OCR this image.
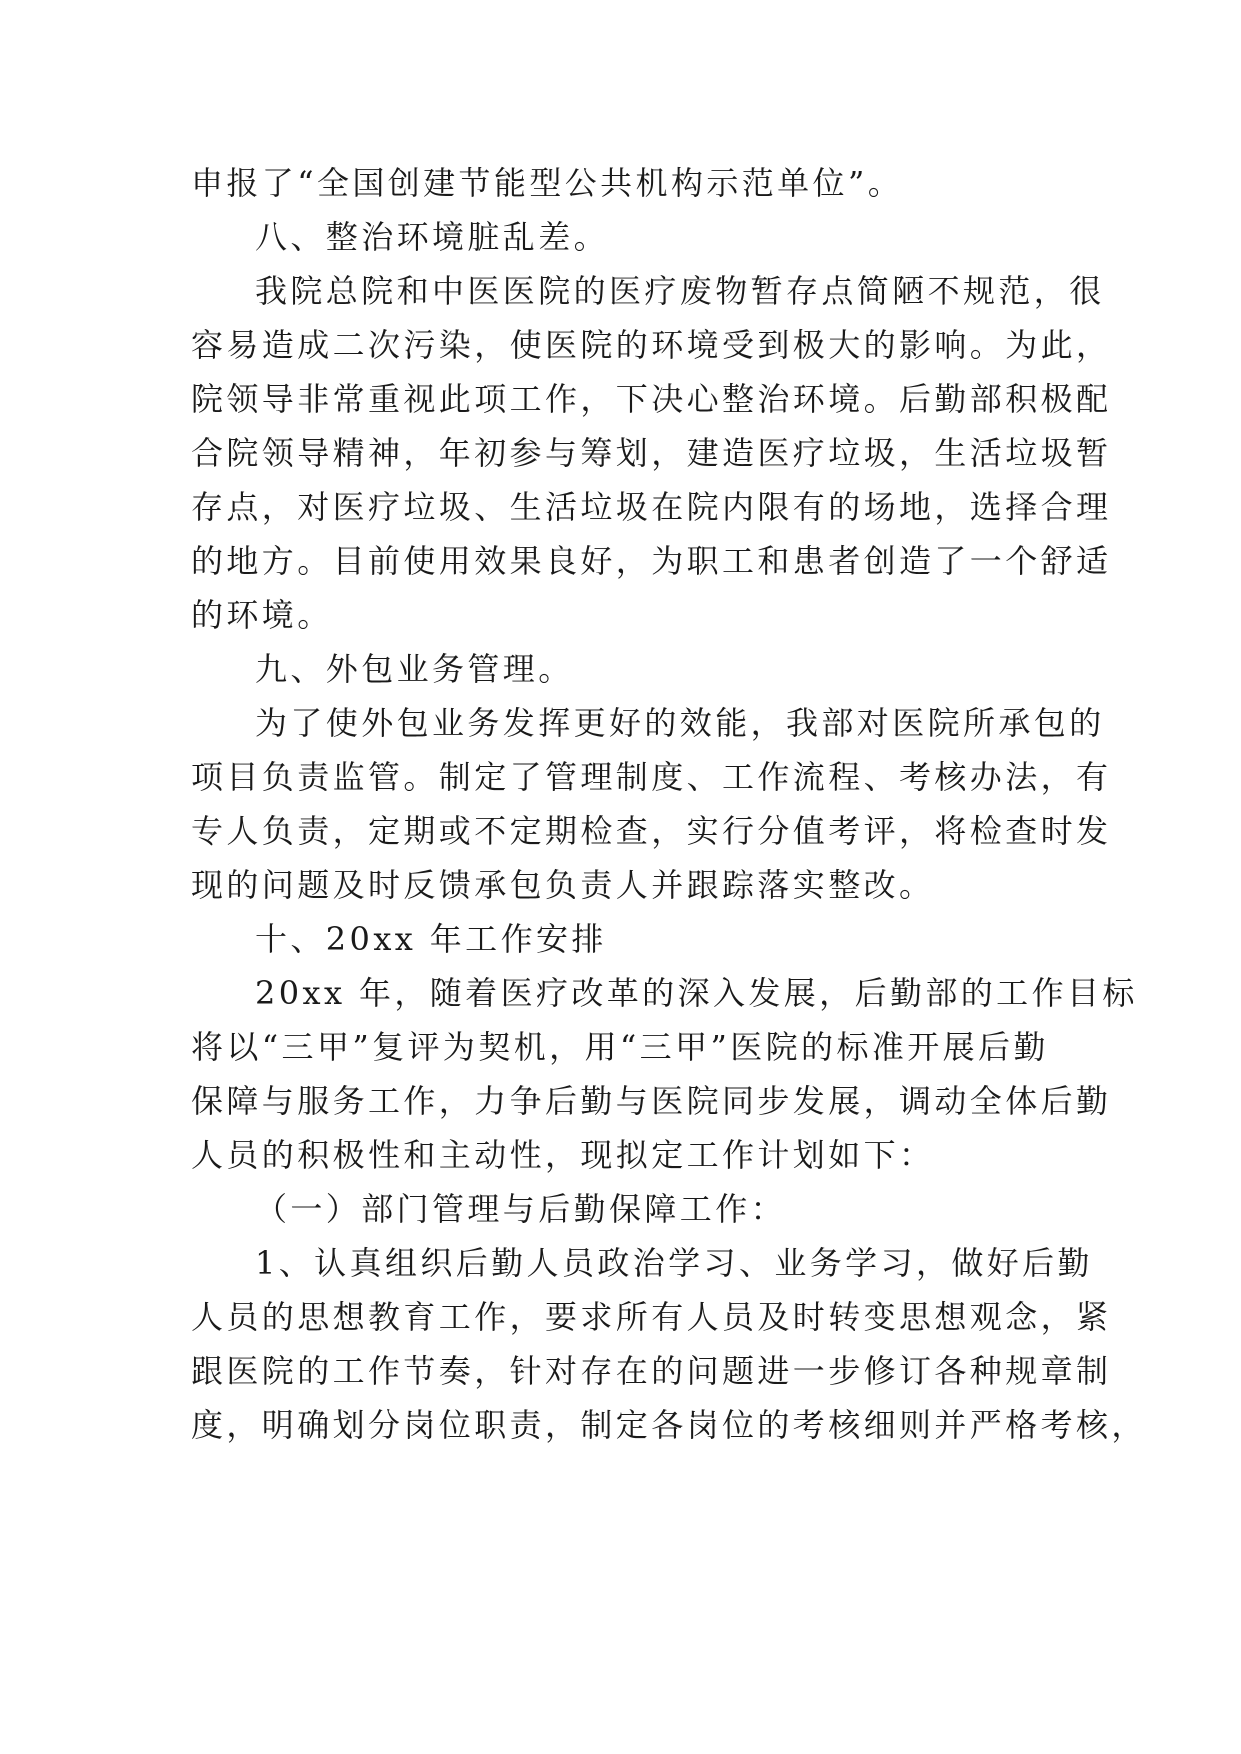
申报了“全国创建节能型公共机构示范单位”。
八、整治环境脏乱差。
我院总院和中医医院的医疗废物暂存点简陋不规范，很
容易造成二次污染，使医院的环境受到极大的影响。为此，
院领导非常重视此项工作，下决心整治环境。后勤部积极配
合院领导精神，年初参与筹划，建造医疗垃圾，生活垃圾暂
存点，对医疗垃圾、生活垃圾在院内限有的场地，选择合理
的地方。目前使用效果良好，为职工和患者创造了一个舒适
的环境。
九、外包业务管理。
为了使外包业务发挥更好的效能，我部对医院所承包的
项目负责监管。制定了管理制度、工作流程、考核办法，有
专人负责，定期或不定期检查，实行分值考评，将检查时发
现的问题及时反馈承包负责人并跟踪落实整改。
十、20xx 年工作安排
20xx 年，随着医疗改革的深入发展，后勤部的工作目标
将以“三甲”复评为契机，用“三甲”医院的标准开展后勤
保障与服务工作，力争后勤与医院同步发展，调动全体后勤
人员的积极性和主动性，现拟定工作计划如下：
（一）部门管理与后勤保障工作：
1、认真组织后勤人员政治学习、业务学习，做好后勤
人员的思想教育工作，要求所有人员及时转变思想观念，紧
跟医院的工作节奏，针对存在的问题进一步修订各种规章制
度，明确划分岗位职责，制定各岗位的考核细则并严格考核，
